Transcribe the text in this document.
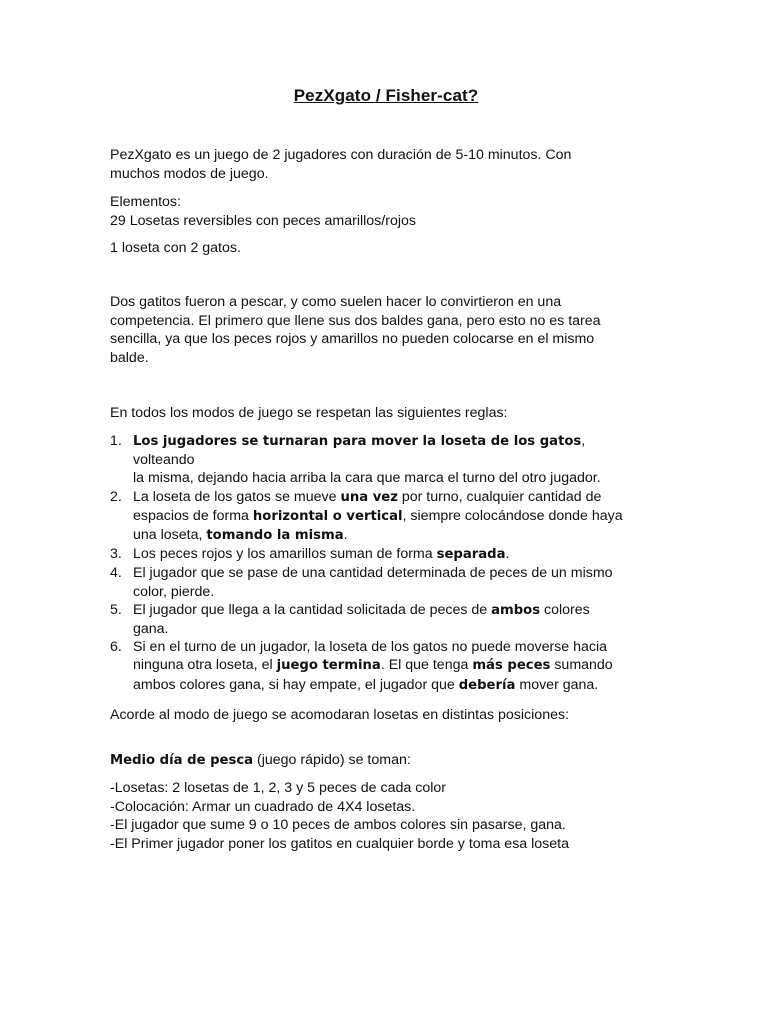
PezXgato / Fisher-cat?

PezXgato es un juego de 2 jugadores con duración de 5-10 minutos. Con
muchos modos de juego.

Elementos:
29 Losetas reversibles con peces amarillos/rojos

1 loseta con 2 gatos.

Dos gatitos fueron a pescar, y como suelen hacer lo convirtieron en una
competencia. El primero que llene sus dos baldes gana, pero esto no es tarea
sencilla, ya que los peces rojos y amarillos no pueden colocarse en el mismo
balde.

En todos los modos de juego se respetan las siguientes reglas:

1. Los jugadores se turnaran para mover la loseta de los gatos, volteando
la misma, dejando hacia arriba la cara que marca el turno del otro jugador.
2. La loseta de los gatos se mueve una vez por turno, cualquier cantidad de
espacios de forma horizontal o vertical, siempre colocándose donde haya
una loseta, tomando la misma.
3. Los peces rojos y los amarillos suman de forma separada.
4. El jugador que se pase de una cantidad determinada de peces de un mismo
color, pierde.
5. El jugador que llega a la cantidad solicitada de peces de ambos colores
gana.
6. Si en el turno de un jugador, la loseta de los gatos no puede moverse hacia
ninguna otra loseta, el juego termina. El que tenga más peces sumando
ambos colores gana, si hay empate, el jugador que debería mover gana.

Acorde al modo de juego se acomodaran losetas en distintas posiciones:

Medio día de pesca (juego rápido) se toman:

-Losetas: 2 losetas de 1, 2, 3 y 5 peces de cada color
-Colocación: Armar un cuadrado de 4X4 losetas.
-El jugador que sume 9 o 10 peces de ambos colores sin pasarse, gana.
-El Primer jugador poner los gatitos en cualquier borde y toma esa loseta
